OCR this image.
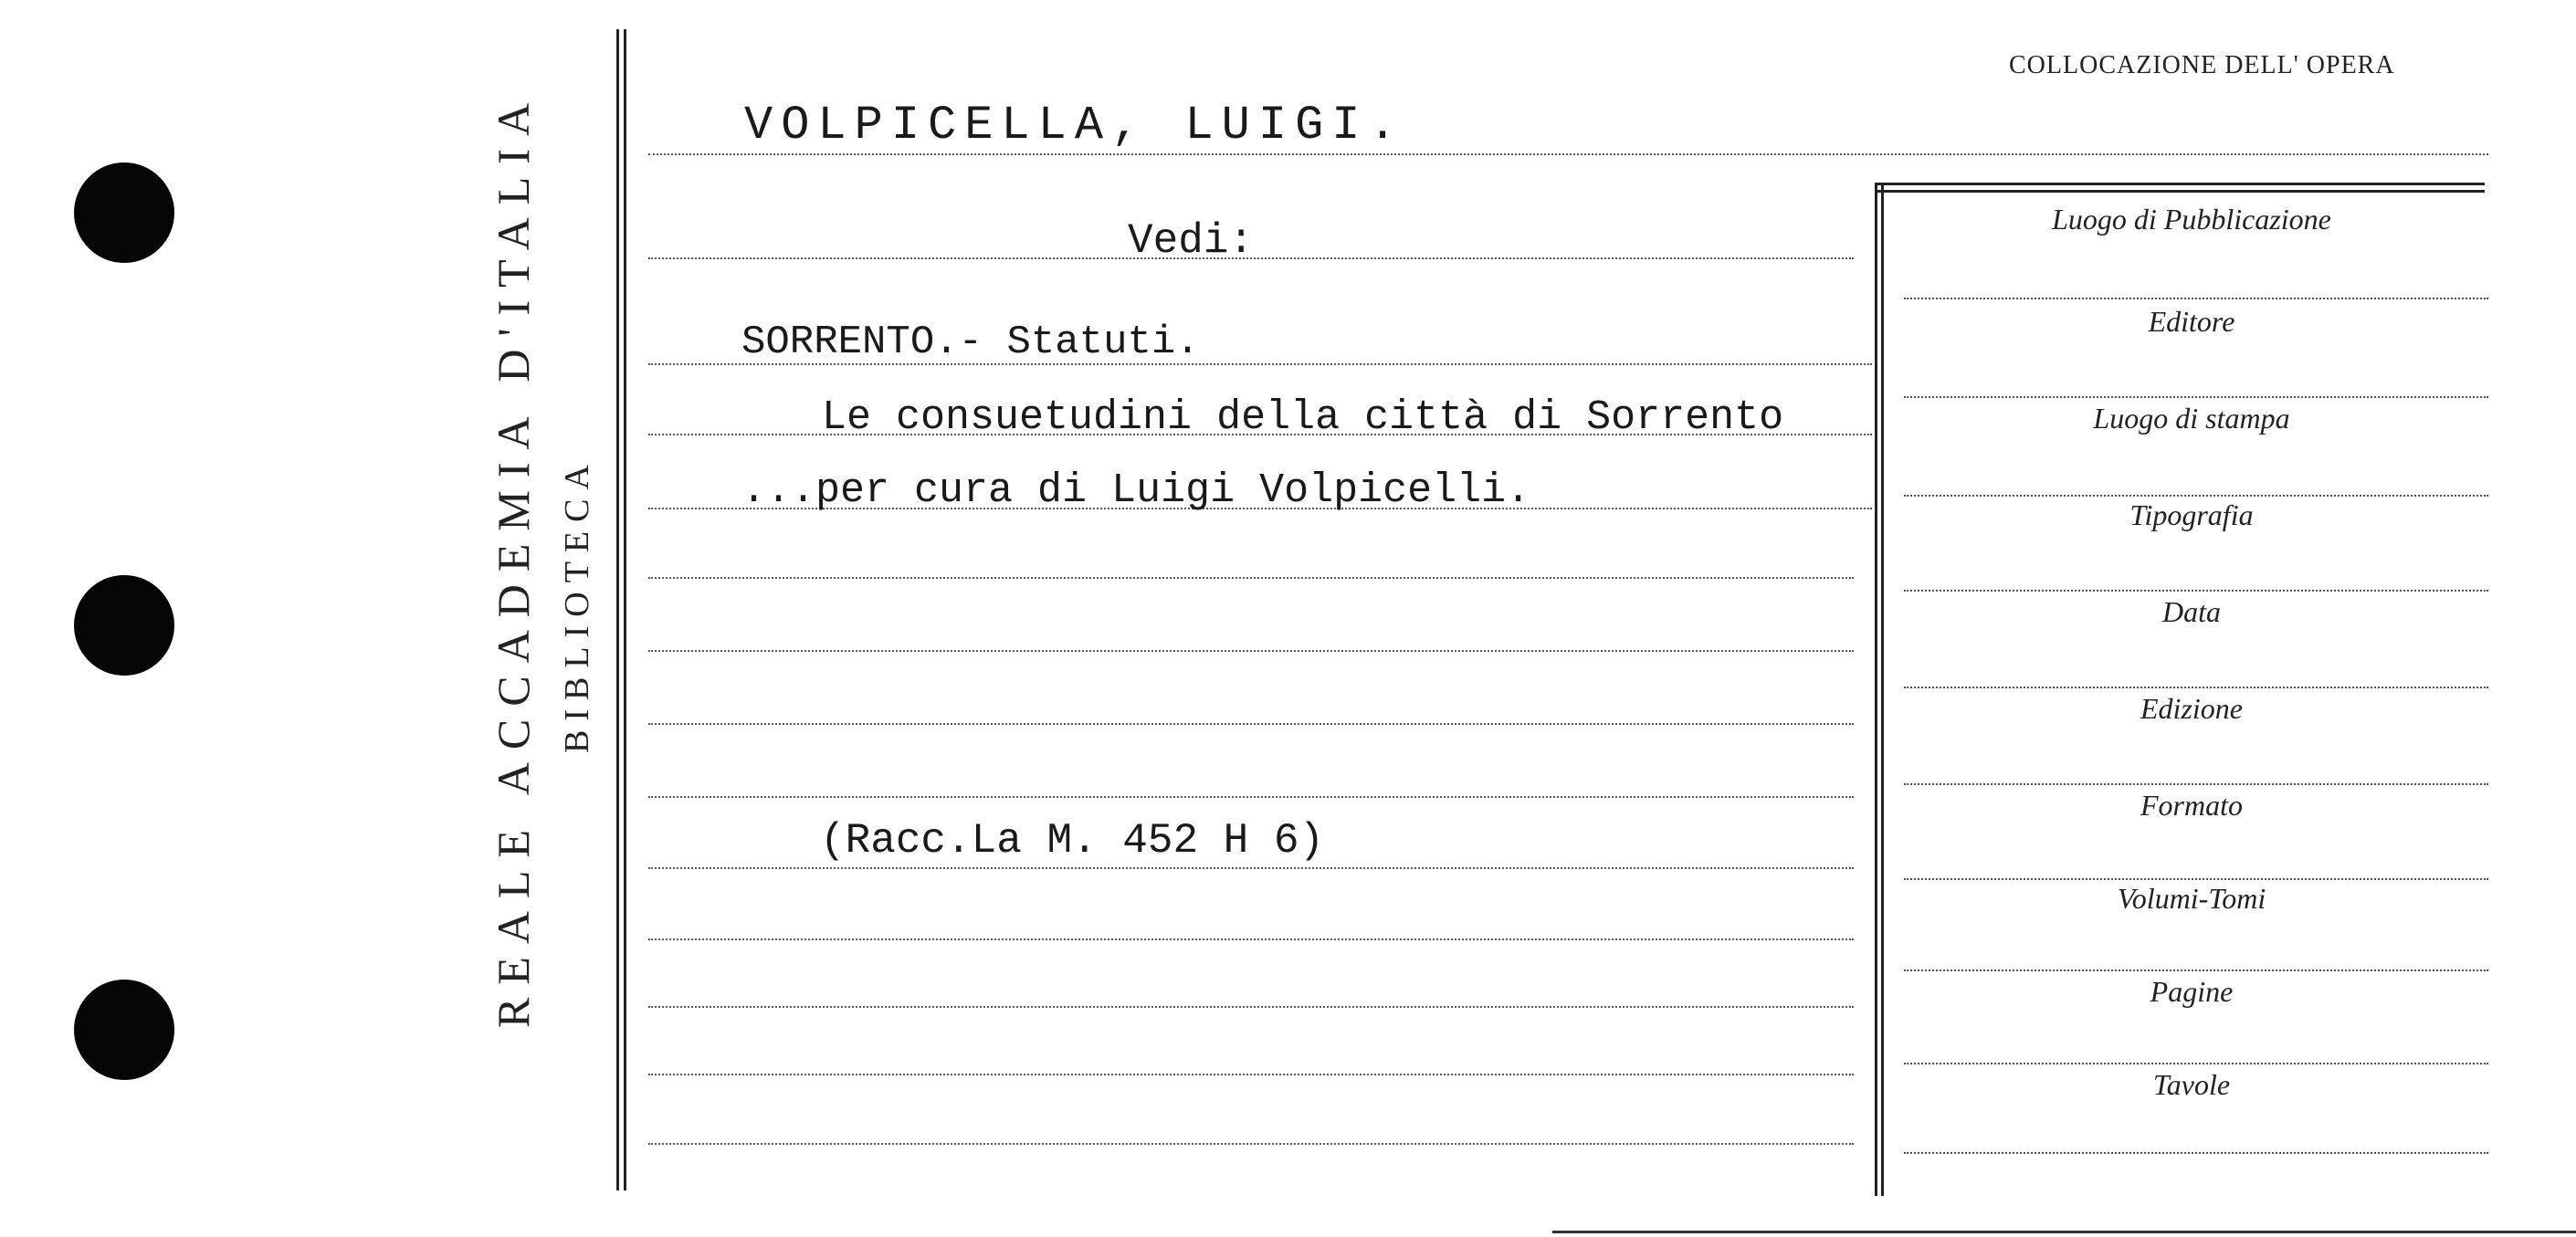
REALE ACCADEMIA D'ITALIA BIBLIOTECA
COLLOCAZIONE DELL' OPERA
VOLPICELLA, LUIGI.
Vedi:
SORRENTO.- Statuti.
Le consuetudini della città di Sorrento
...per cura di Luigi Volpicelli.
(Racc.La M. 452 H 6)
Luogo di Pubblicazione
Editore
Luogo di stampa
Tipografia
Data
Edizione
Formato
Volumi-Tomi
Pagine
Tavole
